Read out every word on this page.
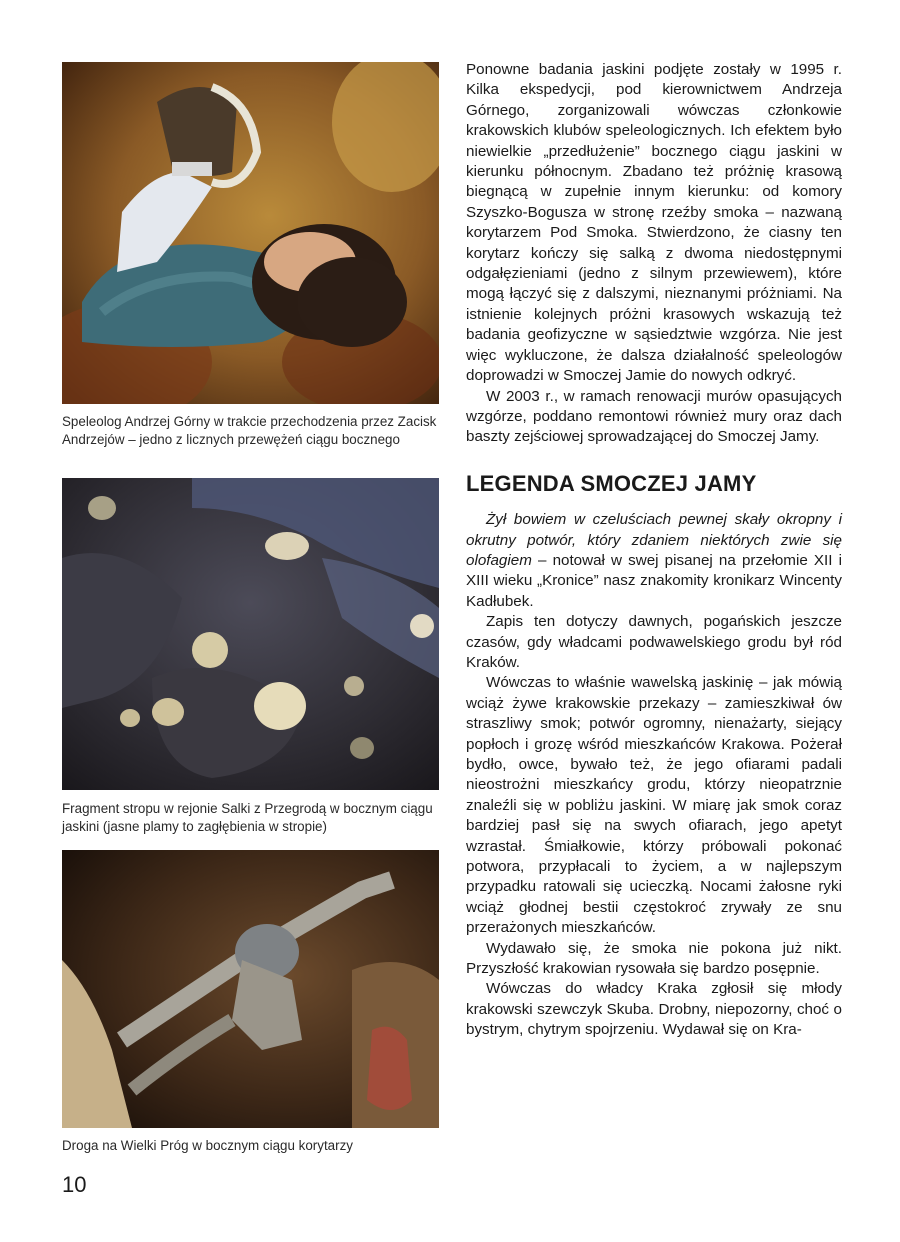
Speleolog Andrzej Górny w trakcie przechodzenia przez Zacisk Andrzejów – jedno z licznych przewężeń ciągu bocznego
Fragment stropu w rejonie Salki z Przegrodą w bocznym ciągu jaskini (jasne plamy to zagłębienia w stropie)
Droga na Wielki Próg w bocznym ciągu korytarzy

Ponowne badania jaskini podjęte zostały w 1995 r. Kilka ekspedycji, pod kierownictwem Andrzeja Górnego, zorganizowali wówczas członkowie krakowskich klubów speleologicznych. Ich efektem było niewielkie „przedłużenie” bocznego ciągu jaskini w kierunku północnym. Zbadano też próżnię krasową biegnącą w zupełnie innym kierunku: od komory Szyszko-Bogusza w stronę rzeźby smoka – nazwaną korytarzem Pod Smoka. Stwierdzono, że ciasny ten korytarz kończy się salką z dwoma niedostępnymi odgałęzieniami (jedno z silnym przewiewem), które mogą łączyć się z dalszymi, nieznanymi próżniami. Na istnienie kolejnych próżni krasowych wskazują też badania geofizyczne w sąsiedztwie wzgórza. Nie jest więc wykluczone, że dalsza działalność speleologów doprowadzi w Smoczej Jamie do nowych odkryć.

W 2003 r., w ramach renowacji murów opasujących wzgórze, poddano remontowi również mury oraz dach baszty zejściowej sprowadzającej do Smoczej Jamy.

LEGENDA SMOCZEJ JAMY

Żył bowiem w czeluściach pewnej skały okropny i okrutny potwór, który zdaniem niektórych zwie się olofagiem – notował w swej pisanej na przełomie XII i XIII wieku „Kronice” nasz znakomity kronikarz Wincenty Kadłubek.

Zapis ten dotyczy dawnych, pogańskich jeszcze czasów, gdy władcami podwawelskiego grodu był ród Kraków.

Wówczas to właśnie wawelską jaskinię – jak mówią wciąż żywe krakowskie przekazy – zamieszkiwał ów straszliwy smok; potwór ogromny, nienażarty, siejący popłoch i grozę wśród mieszkańców Krakowa. Pożerał bydło, owce, bywało też, że jego ofiarami padali nieostrożni mieszkańcy grodu, którzy nieopatrznie znaleźli się w pobliżu jaskini. W miarę jak smok coraz bardziej pasł się na swych ofiarach, jego apetyt wzrastał. Śmiałkowie, którzy próbowali pokonać potwora, przypłacali to życiem, a w najlepszym przypadku ratowali się ucieczką. Nocami żałosne ryki wciąż głodnej bestii częstokroć zrywały ze snu przerażonych mieszkańców.

Wydawało się, że smoka nie pokona już nikt. Przyszłość krakowian rysowała się bardzo posępnie.

Wówczas do władcy Kraka zgłosił się młody krakowski szewczyk Skuba. Drobny, niepozorny, choć o bystrym, chytrym spojrzeniu. Wydawał się on Kra-

10
